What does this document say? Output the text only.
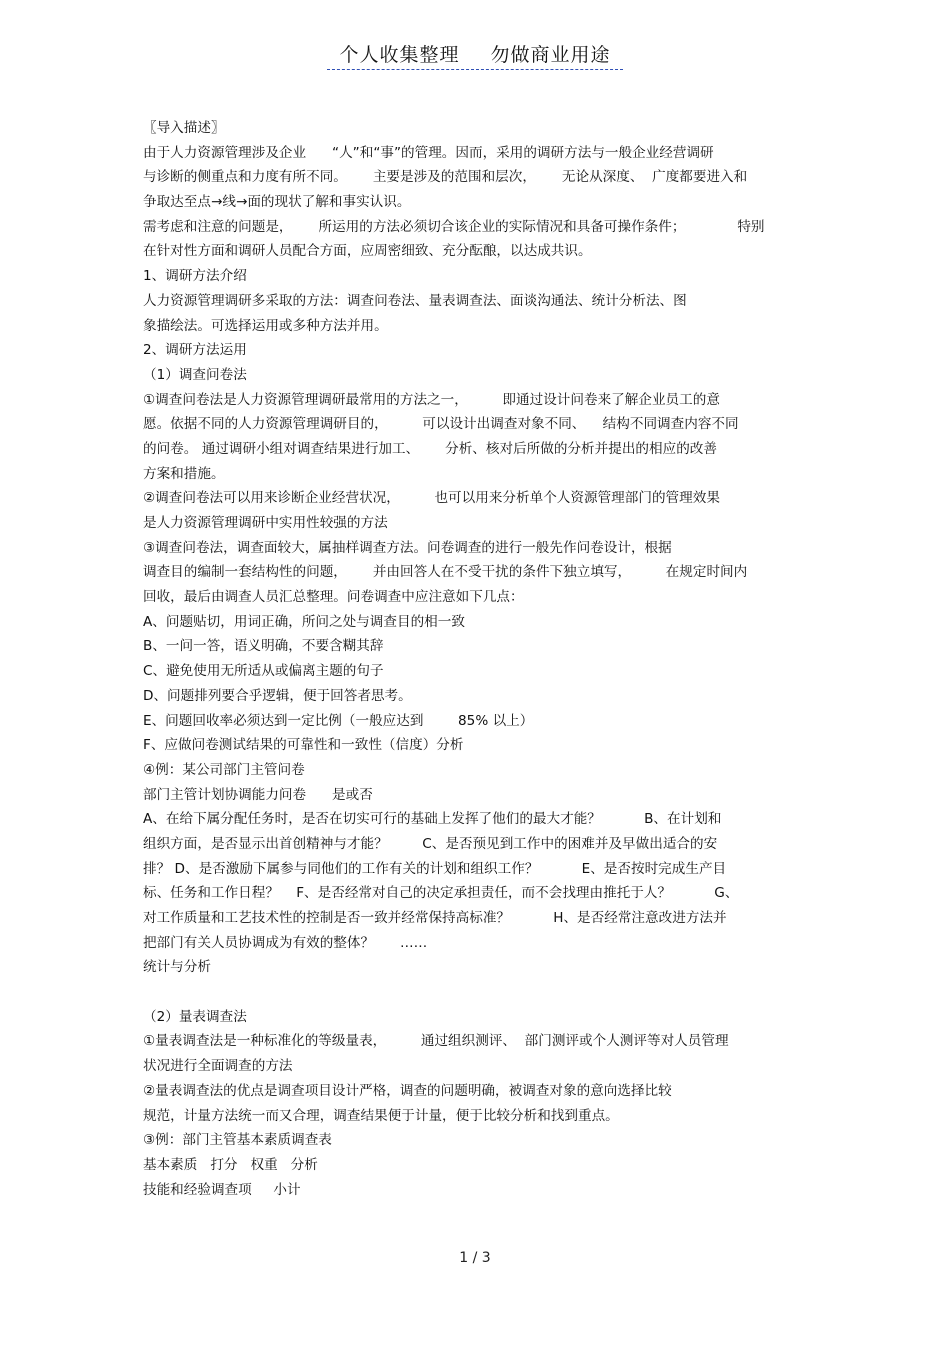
个人收集整理 勿做商业用途
〖导入描述〗
由于人力资源管理涉及企业      “人”和“事”的管理。因而，采用的调研方法与一般企业经营调研
与诊断的侧重点和力度有所不同。      主要是涉及的范围和层次，      无论从深度、  广度都要进入和
争取达至点→线→面的现状了解和事实认识。
需考虑和注意的问题是，      所运用的方法必须切合该企业的实际情况和具备可操作条件；            特别
在针对性方面和调研人员配合方面，应周密细致、充分酝酿，以达成共识。
1、调研方法介绍
人力资源管理调研多采取的方法：调查问卷法、量表调查法、面谈沟通法、统计分析法、图
象描绘法。可选择运用或多种方法并用。
2、调研方法运用
（1）调查问卷法
①调查问卷法是人力资源管理调研最常用的方法之一，        即通过设计问卷来了解企业员工的意
愿。依据不同的人力资源管理调研目的，        可以设计出调查对象不同、    结构不同调查内容不同
的问卷。 通过调研小组对调查结果进行加工、      分析、核对后所做的分析并提出的相应的改善
方案和措施。
②调查问卷法可以用来诊断企业经营状况，        也可以用来分析单个人资源管理部门的管理效果
是人力资源管理调研中实用性较强的方法
③调查问卷法，调查面较大，属抽样调查方法。问卷调查的进行一般先作问卷设计，根据
调查目的编制一套结构性的问题，      并由回答人在不受干扰的条件下独立填写，        在规定时间内
回收，最后由调查人员汇总整理。问卷调查中应注意如下几点：
A、问题贴切，用词正确，所问之处与调查目的相一致
B、一问一答，语义明确，不要含糊其辞
C、避免使用无所适从或偏离主题的句子
D、问题排列要合乎逻辑，便于回答者思考。
E、问题回收率必须达到一定比例（一般应达到        85% 以上）
F、应做问卷测试结果的可靠性和一致性（信度）分析
④例：某公司部门主管问卷
部门主管计划协调能力问卷      是或否
A、在给下属分配任务时，是否在切实可行的基础上发挥了他们的最大才能？          B、在计划和
组织方面，是否显示出首创精神与才能？        C、是否预见到工作中的困难并及早做出适合的安
排？ D、是否激励下属参与同他们的工作有关的计划和组织工作？          E、是否按时完成生产目
标、任务和工作日程？    F、是否经常对自己的决定承担责任，而不会找理由推托于人？          G、
对工作质量和工艺技术性的控制是否一致并经常保持高标准？          H、是否经常注意改进方法并
把部门有关人员协调成为有效的整体？      ……
统计与分析
（2）量表调查法
①量表调查法是一种标准化的等级量表，        通过组织测评、  部门测评或个人测评等对人员管理
状况进行全面调查的方法
②量表调查法的优点是调查项目设计严格，调查的问题明确，被调查对象的意向选择比较
规范，计量方法统一而又合理，调查结果便于计量，便于比较分析和找到重点。
③例：部门主管基本素质调查表
基本素质   打分   权重   分析
技能和经验调查项     小计
1 / 3
